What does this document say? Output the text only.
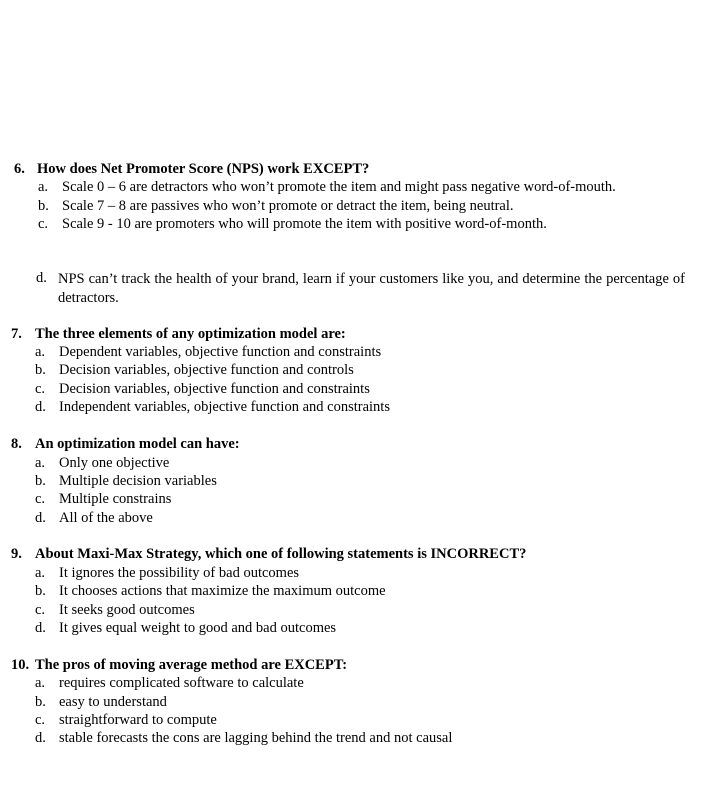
6. How does Net Promoter Score (NPS) work EXCEPT?
a. Scale 0 – 6 are detractors who won’t promote the item and might pass negative word-of-mouth.
b. Scale 7 – 8 are passives who won’t promote or detract the item, being neutral.
c. Scale 9 - 10 are promoters who will promote the item with positive word-of-month.
d. NPS can’t track the health of your brand, learn if your customers like you, and determine the percentage of detractors.
7. The three elements of any optimization model are:
a. Dependent variables, objective function and constraints
b. Decision variables, objective function and controls
c. Decision variables, objective function and constraints
d. Independent variables, objective function and constraints
8. An optimization model can have:
a. Only one objective
b. Multiple decision variables
c. Multiple constrains
d. All of the above
9. About Maxi-Max Strategy, which one of following statements is INCORRECT?
a. It ignores the possibility of bad outcomes
b. It chooses actions that maximize the maximum outcome
c. It seeks good outcomes
d. It gives equal weight to good and bad outcomes
10. The pros of moving average method are EXCEPT:
a. requires complicated software to calculate
b. easy to understand
c. straightforward to compute
d. stable forecasts the cons are lagging behind the trend and not causal
